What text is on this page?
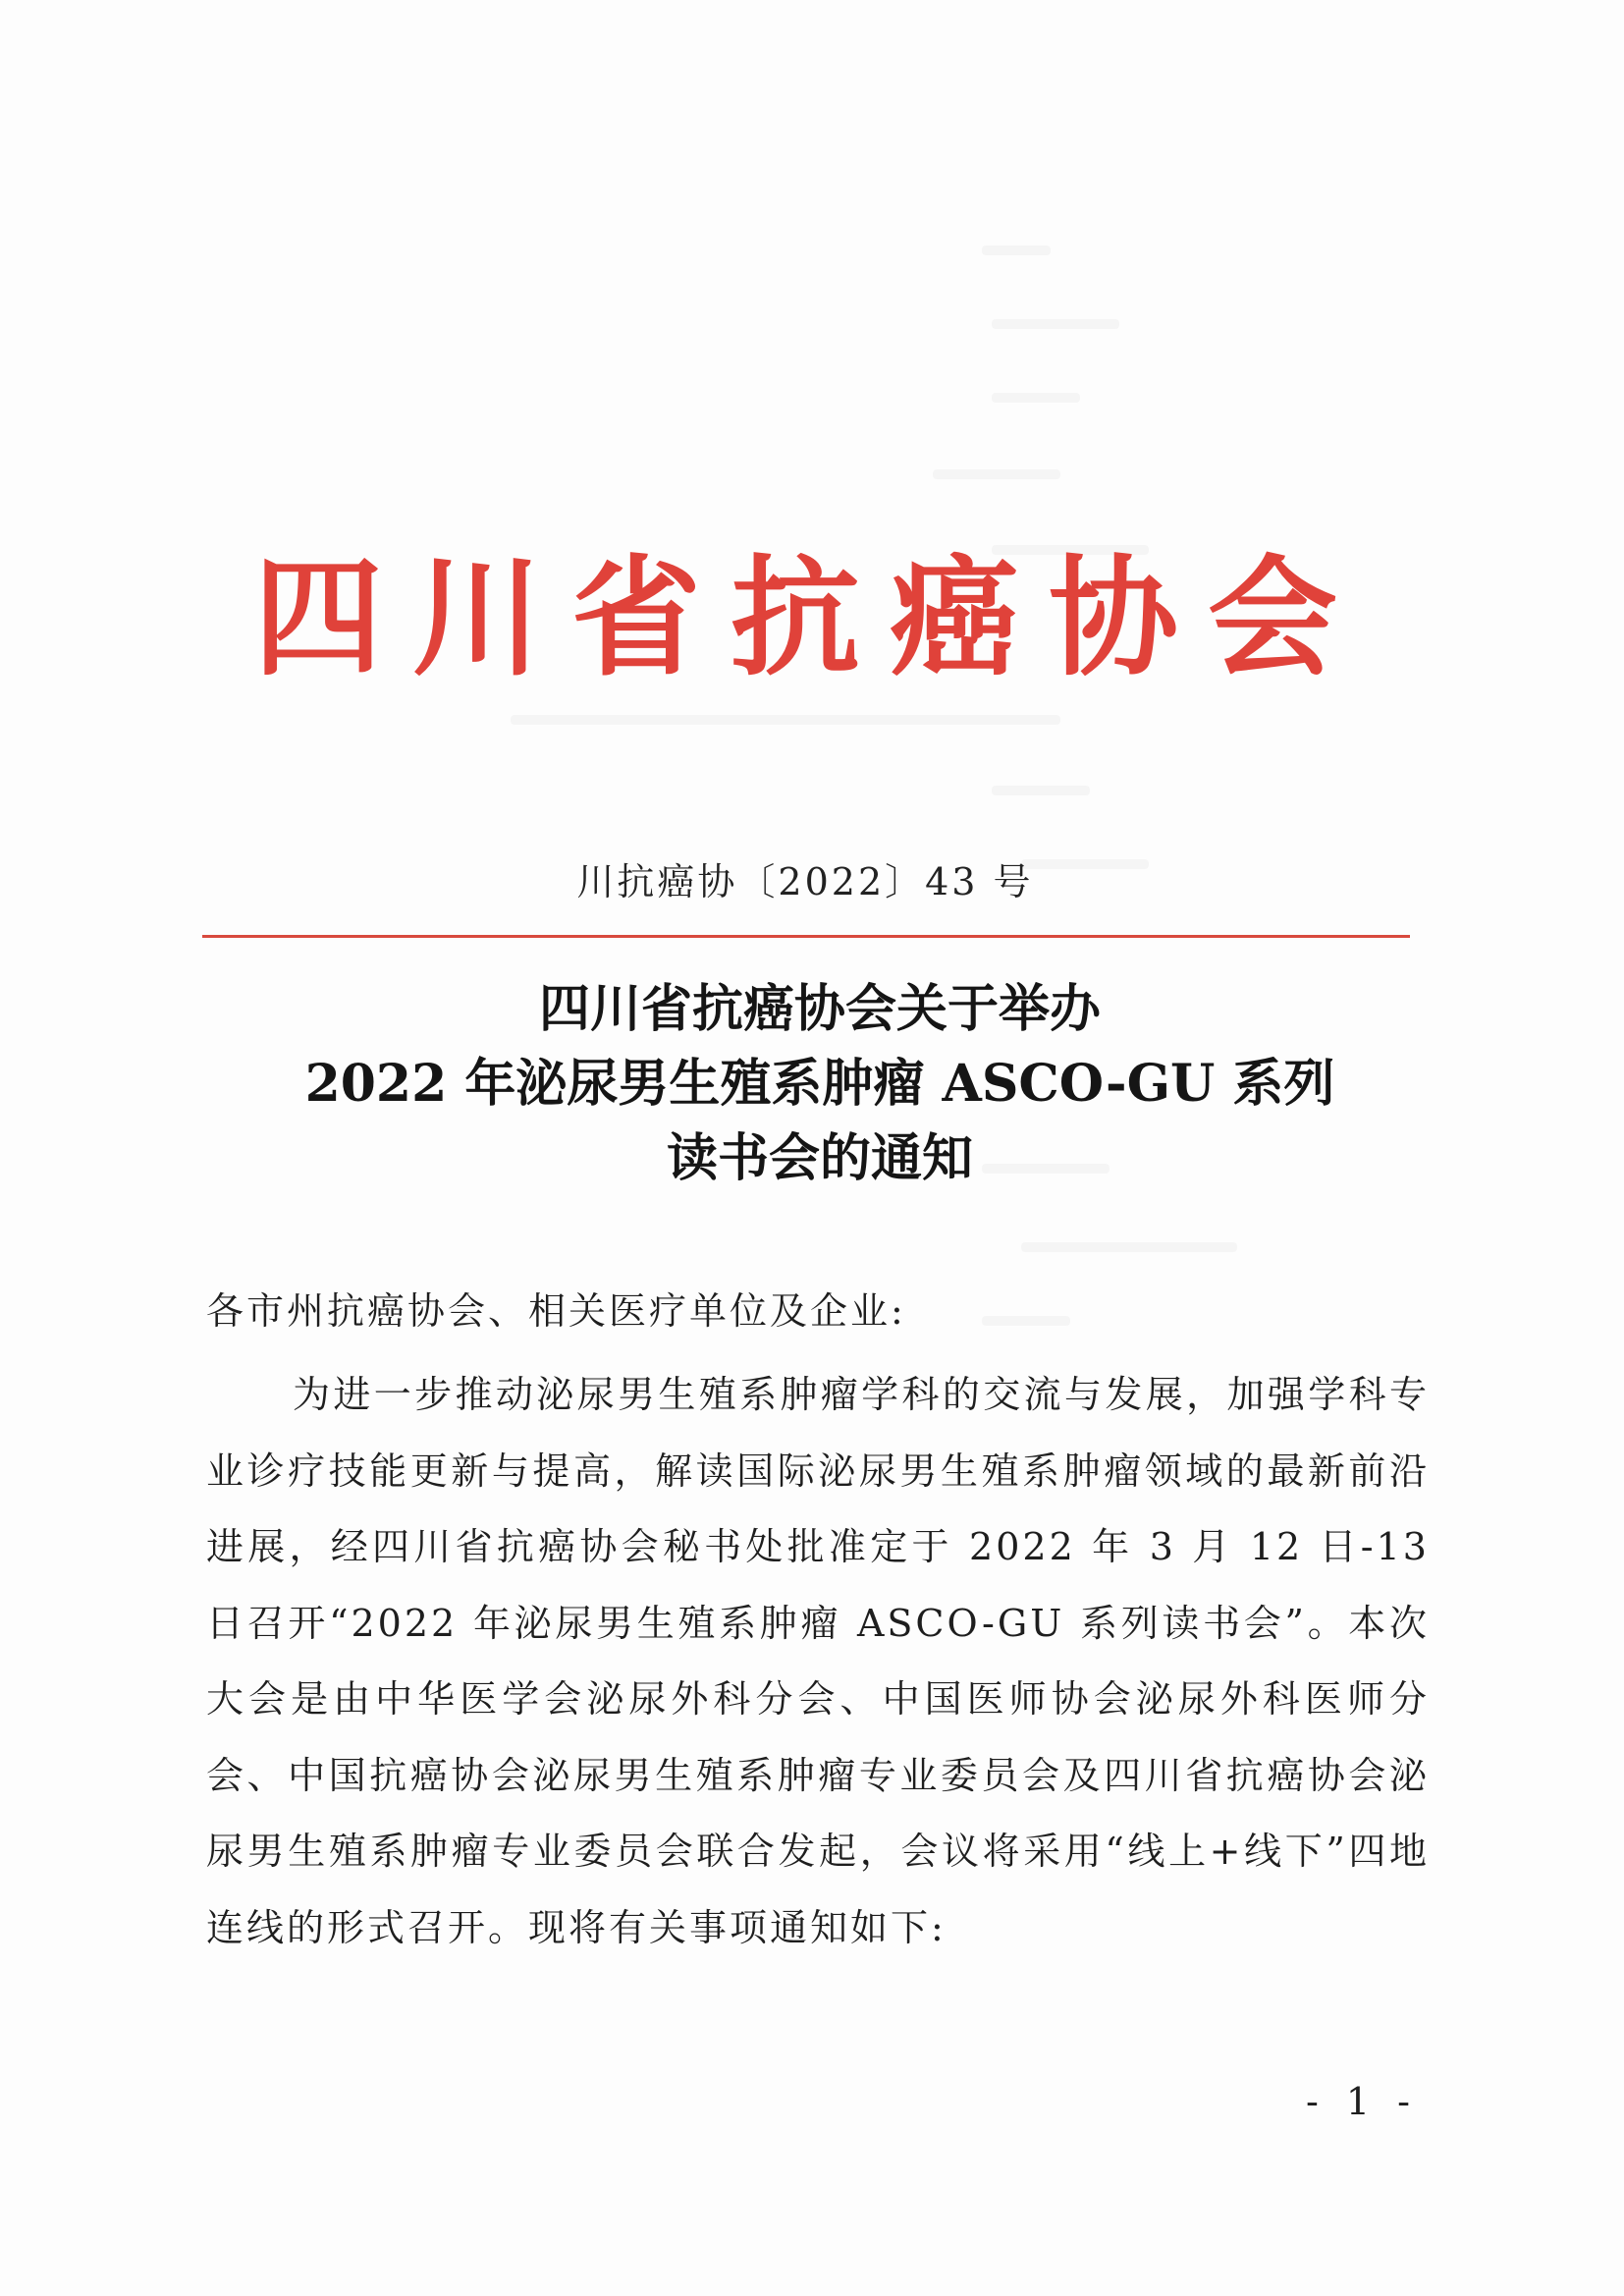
四川省抗癌协会
川抗癌协〔2022〕43 号
四川省抗癌协会关于举办
2022 年泌尿男生殖系肿瘤 ASCO-GU 系列
读书会的通知
各市州抗癌协会、相关医疗单位及企业:
为进一步推动泌尿男生殖系肿瘤学科的交流与发展，加强学科专业诊疗技能更新与提高，解读国际泌尿男生殖系肿瘤领域的最新前沿进展，经四川省抗癌协会秘书处批准定于 2022 年 3 月 12 日-13 日召开“2022 年泌尿男生殖系肿瘤 ASCO-GU 系列读书会”。本次大会是由中华医学会泌尿外科分会、中国医师协会泌尿外科医师分会、中国抗癌协会泌尿男生殖系肿瘤专业委员会及四川省抗癌协会泌尿男生殖系肿瘤专业委员会联合发起，会议将采用“线上+线下”四地连线的形式召开。现将有关事项通知如下:
- 1 -
